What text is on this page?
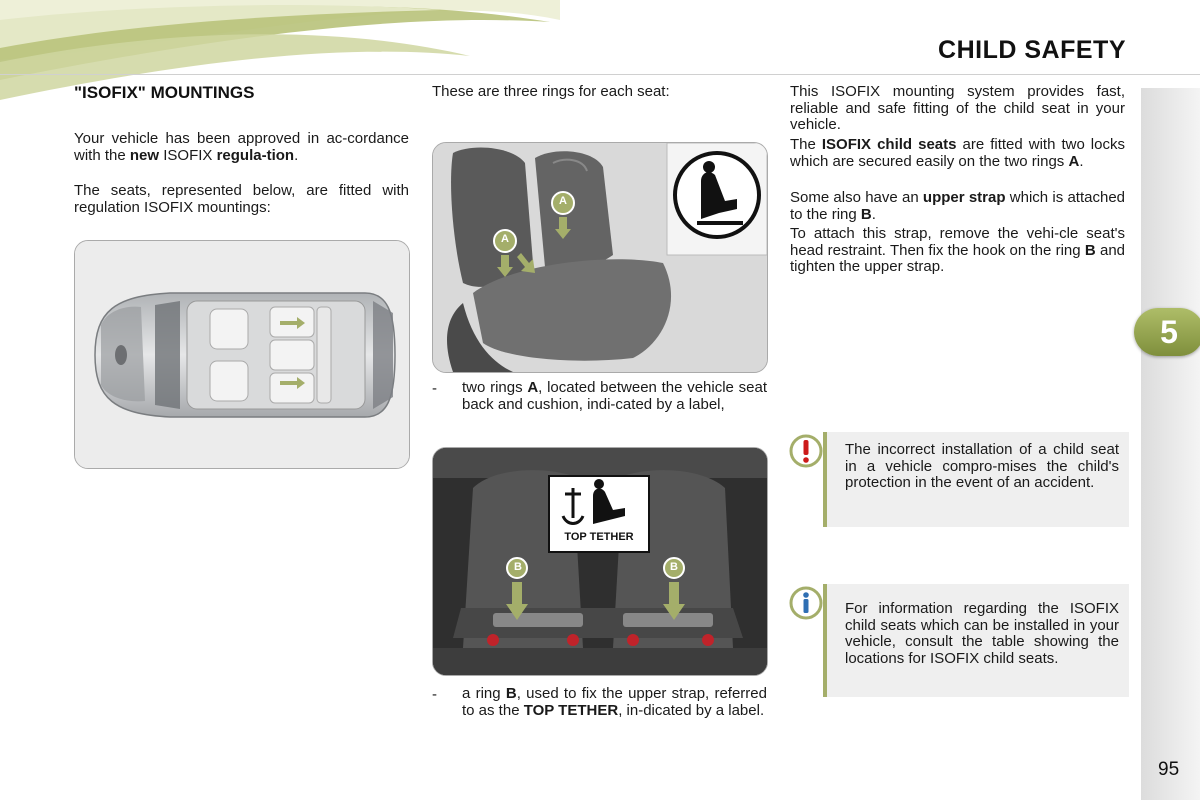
CHILD SAFETY
5
95
"ISOFIX" MOUNTINGS
Your vehicle has been approved in ac-cordance with the new ISOFIX regula-tion.
The seats, represented below, are fitted with regulation ISOFIX mountings:
These are three rings for each seat:
A
A
- two rings A, located between the vehicle seat back and cushion, indi-cated by a label,
B	B
TOP TETHER
- a ring B, used to fix the upper strap, referred to as the TOP TETHER, in-dicated by a label.
This ISOFIX mounting system provides fast, reliable and safe fitting of the child seat in your vehicle.
The ISOFIX child seats are fitted with two locks which are secured easily on the two rings A.
Some also have an upper strap which is attached to the ring B.
To attach this strap, remove the vehi-cle seat's head restraint. Then fix the hook on the ring B and tighten the upper strap.
The incorrect installation of a child seat in a vehicle compro-mises the child's protection in the event of an accident.
For information regarding the ISOFIX child seats which can be installed in your vehicle, consult the table showing the locations for ISOFIX child seats.
